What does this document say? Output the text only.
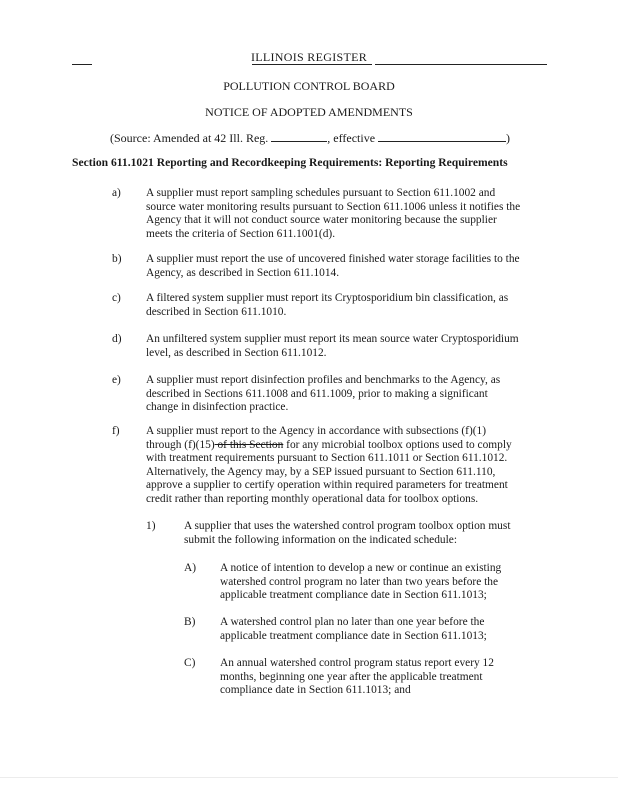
ILLINOIS REGISTER
POLLUTION CONTROL BOARD
NOTICE OF ADOPTED AMENDMENTS
(Source: Amended at 42 Ill. Reg.	, effective	)
Section 611.1021 Reporting and Recordkeeping Requirements: Reporting Requirements
a) A supplier must report sampling schedules pursuant to Section 611.1002 and
source water monitoring results pursuant to Section 611.1006 unless it notifies the
Agency that it will not conduct source water monitoring because the supplier
meets the criteria of Section 611.1001(d).
b) A supplier must report the use of uncovered finished water storage facilities to the
Agency, as described in Section 611.1014.
c) A filtered system supplier must report its Cryptosporidium bin classification, as
described in Section 611.1010.
d) An unfiltered system supplier must report its mean source water Cryptosporidium
level, as described in Section 611.1012.
e) A supplier must report disinfection profiles and benchmarks to the Agency, as
described in Sections 611.1008 and 611.1009, prior to making a significant
change in disinfection practice.
f) A supplier must report to the Agency in accordance with subsections (f)(1)
through (f)(15) of this Section for any microbial toolbox options used to comply
with treatment requirements pursuant to Section 611.1011 or Section 611.1012.
Alternatively, the Agency may, by a SEP issued pursuant to Section 611.110,
approve a supplier to certify operation within required parameters for treatment
credit rather than reporting monthly operational data for toolbox options.
1)	A supplier that uses the watershed control program toolbox option must
submit the following information on the indicated schedule:
A) A notice of intention to develop a new or continue an existing
watershed control program no later than two years before the
applicable treatment compliance date in Section 611.1013;
B) A watershed control plan no later than one year before the
applicable treatment compliance date in Section 611.1013;
C) An annual watershed control program status report every 12
months, beginning one year after the applicable treatment
compliance date in Section 611.1013; and
